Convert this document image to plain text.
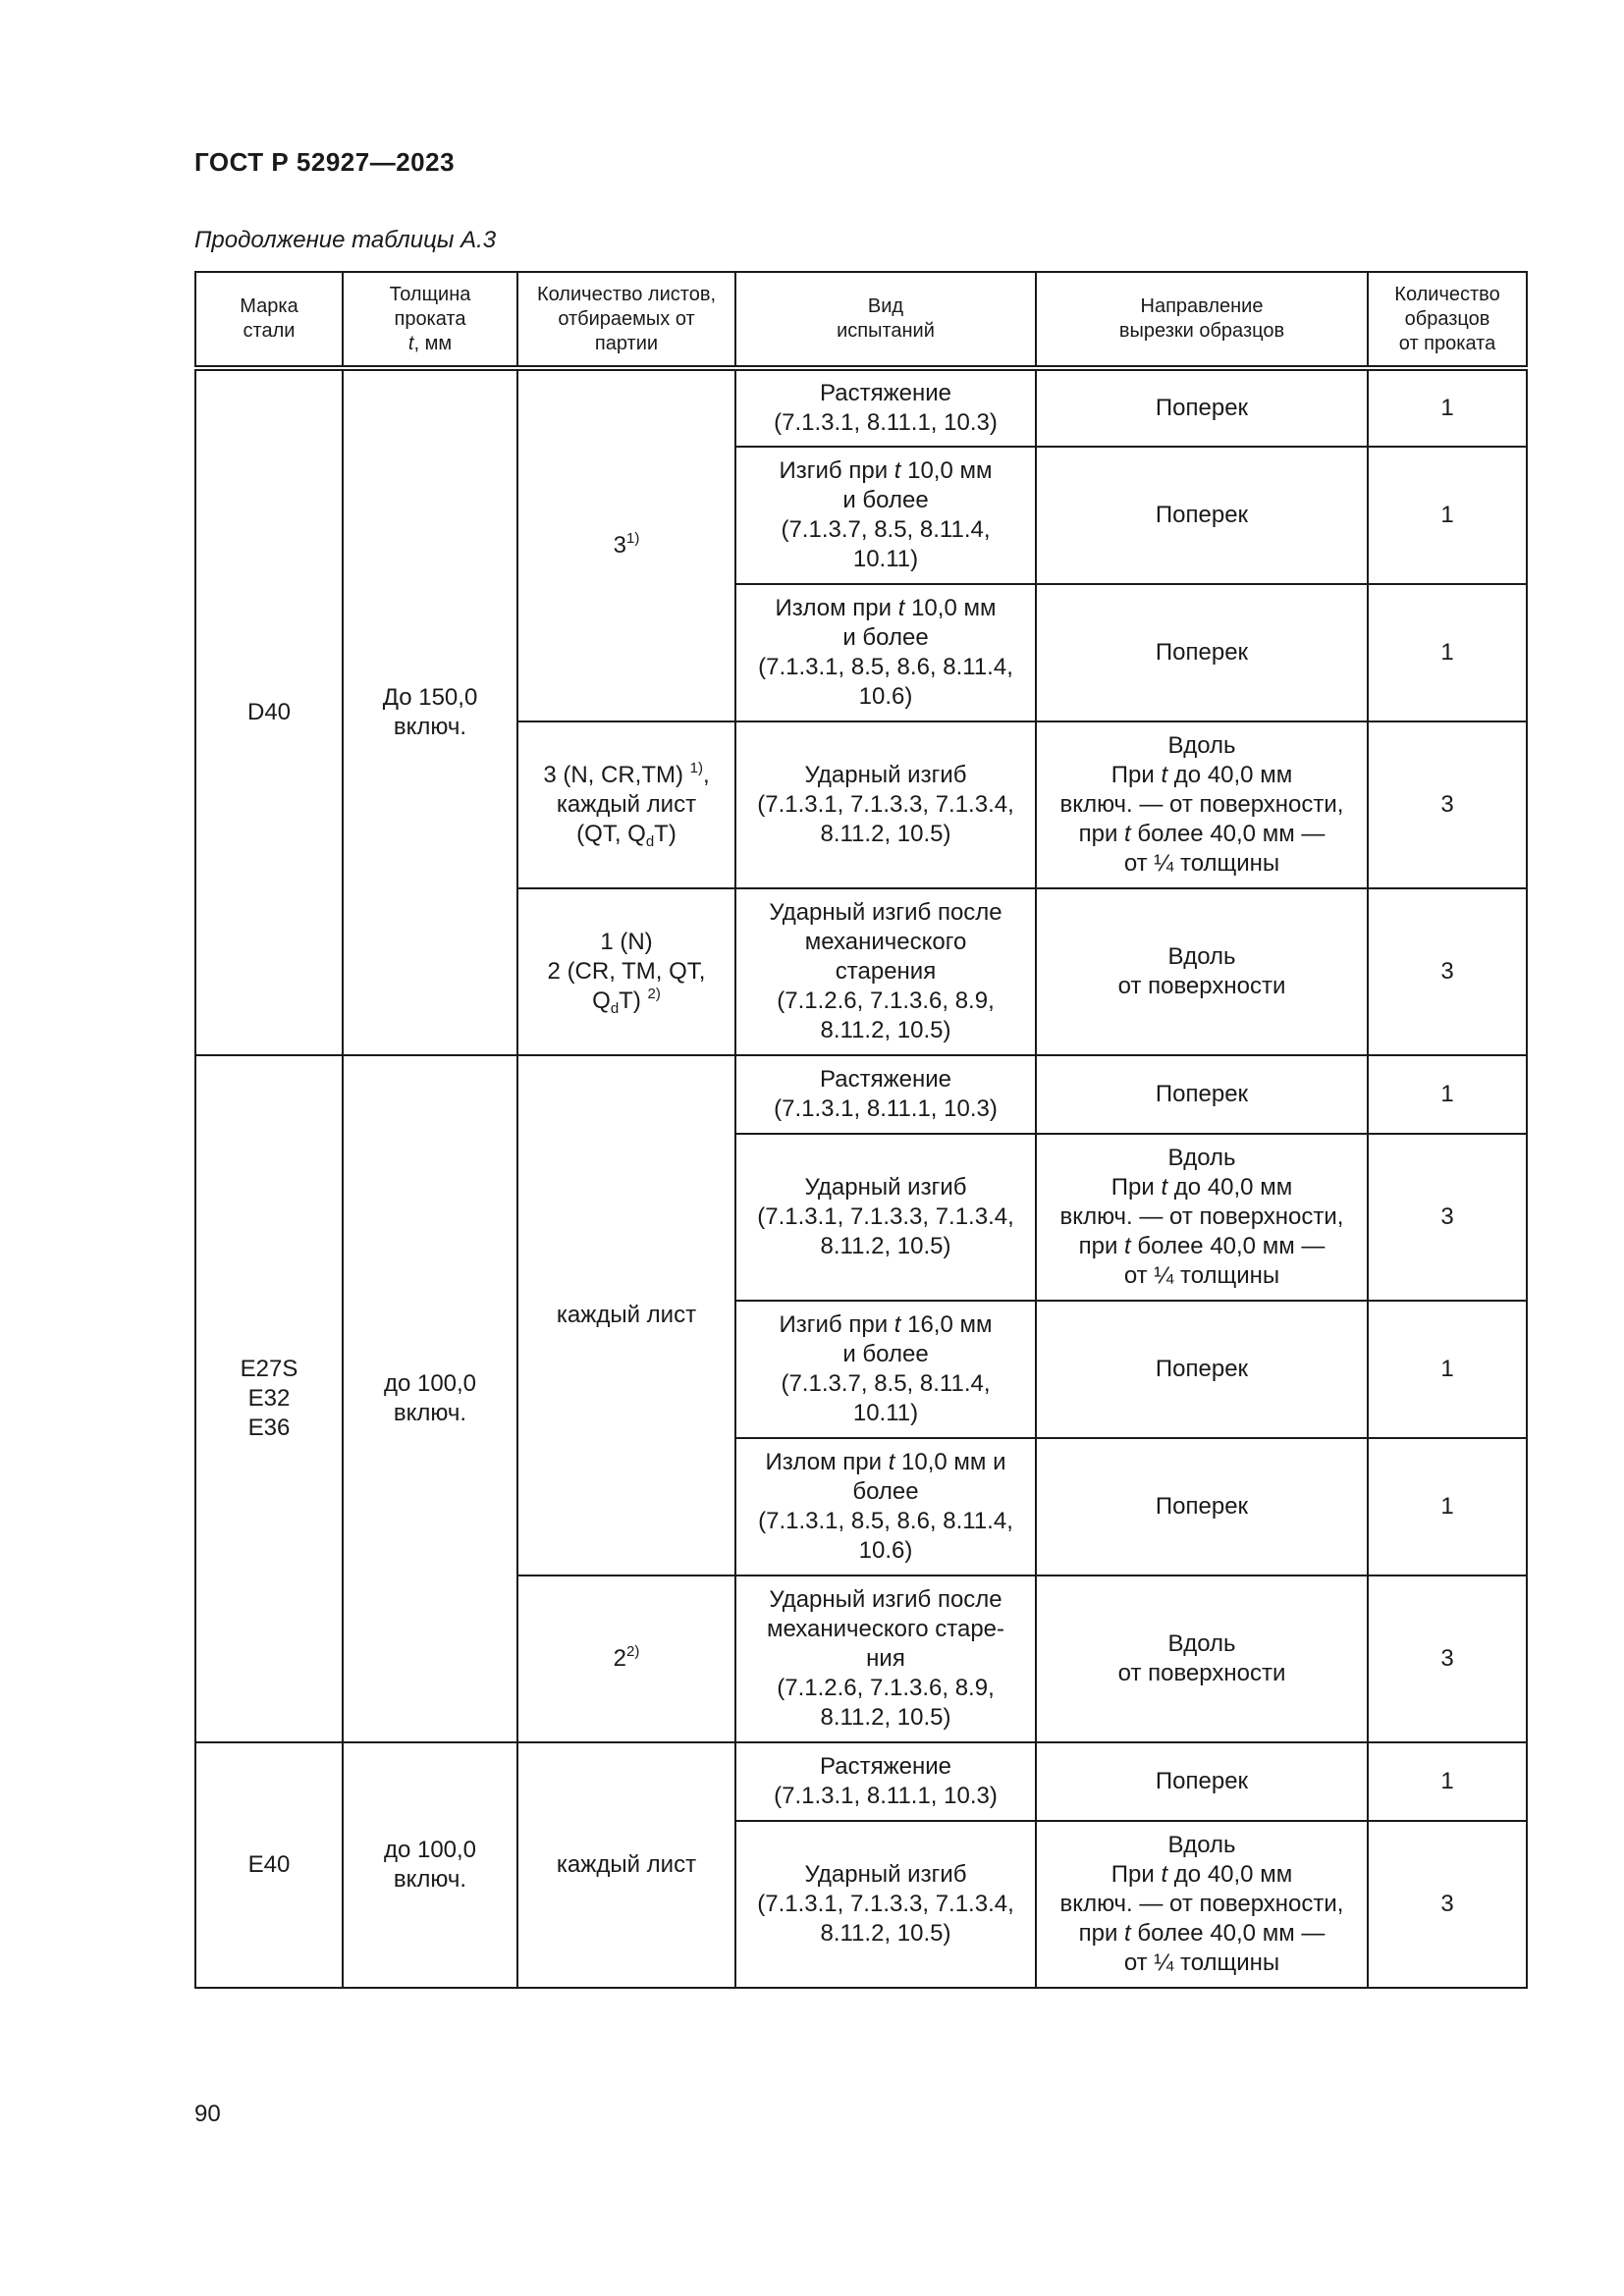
ГОСТ Р 52927—2023
Продолжение таблицы А.3
Марка
стали	Толщина
проката
t, мм	Количество листов,
отбираемых от
партии	Вид
испытаний	Направление
вырезки образцов	Количество
образцов
от проката
D40	До 150,0
включ.	3$^{1)}$	Растяжение
(7.1.3.1, 8.11.1, 10.3)	Поперек	1
			Изгиб при t 10,0 мм
и более
(7.1.3.7, 8.5, 8.11.4,
10.11)	Поперек	1
			Излом при t 10,0 мм
и более
(7.1.3.1, 8.5, 8.6, 8.11.4,
10.6)	Поперек	1
		3 (N, CR,TM) $^{1)}$,
каждый лист
(QT, $Q_dT$)	Ударный изгиб
(7.1.3.1, 7.1.3.3, 7.1.3.4,
8.11.2, 10.5)	Вдоль
При t до 40,0 мм
включ. — от поверхности,
при t более 40,0 мм —
от ¼ толщины	3
		1 (N)
2 (CR, TM, QT,
$Q_dT$) $^{2)}$	Ударный изгиб после
механического
старения
(7.1.2.6, 7.1.3.6, 8.9,
8.11.2, 10.5)	Вдоль
от поверхности	3
E27S
E32
E36	до 100,0
включ.	каждый лист	Растяжение
(7.1.3.1, 8.11.1, 10.3)	Поперек	1
			Ударный изгиб
(7.1.3.1, 7.1.3.3, 7.1.3.4,
8.11.2, 10.5)	Вдоль
При t до 40,0 мм
включ. — от поверхности,
при t более 40,0 мм —
от ¼ толщины	3
			Изгиб при t 16,0 мм
и более
(7.1.3.7, 8.5, 8.11.4,
10.11)	Поперек	1
			Излом при t 10,0 мм и
более
(7.1.3.1, 8.5, 8.6, 8.11.4,
10.6)	Поперек	1
		2$^{2)}$	Ударный изгиб после
механического старе-
ния
(7.1.2.6, 7.1.3.6, 8.9,
8.11.2, 10.5)	Вдоль
от поверхности	3
E40	до 100,0
включ.	каждый лист	Растяжение
(7.1.3.1, 8.11.1, 10.3)	Поперек	1
			Ударный изгиб
(7.1.3.1, 7.1.3.3, 7.1.3.4,
8.11.2, 10.5)	Вдоль
При t до 40,0 мм
включ. — от поверхности,
при t более 40,0 мм —
от ¼ толщины	3
90
